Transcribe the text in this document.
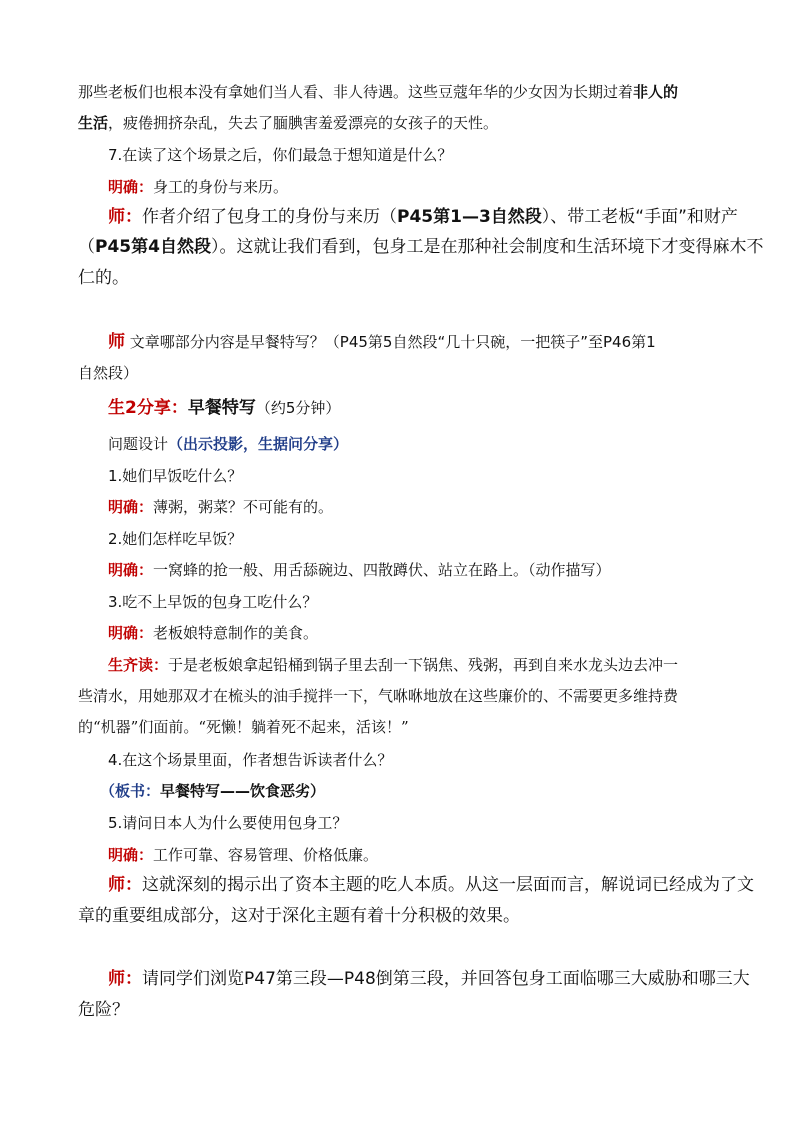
那些老板们也根本没有拿她们当人看、非人待遇。这些豆蔻年华的少女因为长期过着非人的
生活，疲倦拥挤杂乱，失去了腼腆害羞爱漂亮的女孩子的天性。
7.在读了这个场景之后，你们最急于想知道是什么？
明确：身工的身份与来历。
师：作者介绍了包身工的身份与来历（P45第1—3自然段）、带工老板“手面”和财产
（P45第4自然段）。这就让我们看到，包身工是在那种社会制度和生活环境下才变得麻木不
仁的。
师 文章哪部分内容是早餐特写？（P45第5自然段“几十只碗，一把筷子”至P46第1
自然段）
生2分享：早餐特写（约5分钟）
问题设计（出示投影，生据问分享）
1.她们早饭吃什么？
明确：薄粥，粥菜？不可能有的。
2.她们怎样吃早饭？
明确：一窝蜂的抢一般、用舌舔碗边、四散蹲伏、站立在路上。（动作描写）
3.吃不上早饭的包身工吃什么？
明确：老板娘特意制作的美食。
生齐读：于是老板娘拿起铅桶到锅子里去刮一下锅焦、残粥，再到自来水龙头边去冲一
些清水，用她那双才在梳头的油手搅拌一下，气咻咻地放在这些廉价的、不需要更多维持费
的“机器”们面前。“死懒！躺着死不起来，活该！”
4.在这个场景里面，作者想告诉读者什么？
（板书：早餐特写——饮食恶劣）
5.请问日本人为什么要使用包身工？
明确：工作可靠、容易管理、价格低廉。
师：这就深刻的揭示出了资本主题的吃人本质。从这一层面而言，解说词已经成为了文
章的重要组成部分，这对于深化主题有着十分积极的效果。
师：请同学们浏览P47第三段—P48倒第三段，并回答包身工面临哪三大威胁和哪三大
危险？
